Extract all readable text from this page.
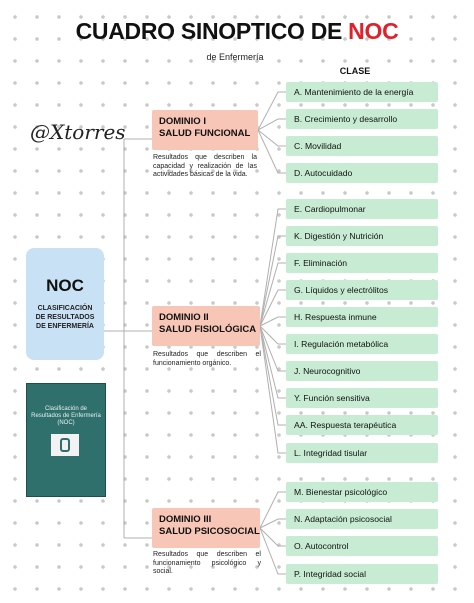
CUADRO SINOPTICO DE NOC
de Enfermería
CLASE
@Xtorres
NOC
CLASIFICACIÓN DE RESULTADOS DE ENFERMERÍA
Clasificación de Resultados de Enfermería (NOC)
DOMINIO I
SALUD FUNCIONAL
Resultados que describen la capacidad y realización de las actividades básicas de la vida.
DOMINIO II
SALUD FISIOLÓGICA
Resultados que describen el funcionamiento orgánico.
DOMINIO III
SALUD PSICOSOCIAL
Resultados que describen el funcionamiento psicológico y social.
A. Mantenimiento de la energía
B. Crecimiento y desarrollo
C. Movilidad
D. Autocuidado
E. Cardiopulmonar
K. Digestión y Nutrición
F. Eliminación
G. Líquidos y electrólitos
H. Respuesta inmune
I. Regulación metabólica
J. Neurocognitivo
Y. Función sensitiva
AA. Respuesta terapéutica
L. Integridad tisular
M. Bienestar psicológico
N. Adaptación psicosocial
O. Autocontrol
P. Integridad social
